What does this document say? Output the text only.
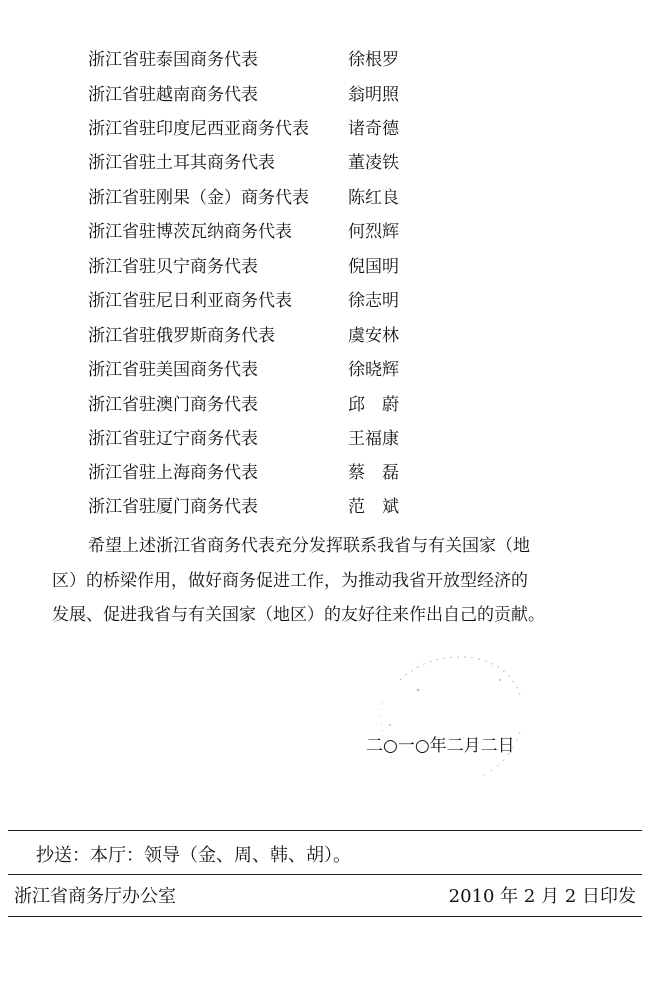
浙江省驻泰国商务代表	徐根罗
浙江省驻越南商务代表	翁明照
浙江省驻印度尼西亚商务代表 诸奇德
浙江省驻土耳其商务代表	董凌铁
浙江省驻刚果（金）商务代表 陈红良
浙江省驻博茨瓦纳商务代表	何烈辉
浙江省驻贝宁商务代表	倪国明
浙江省驻尼日利亚商务代表	徐志明
浙江省驻俄罗斯商务代表	虞安林
浙江省驻美国商务代表	徐晓辉
浙江省驻澳门商务代表	邱　蔚
浙江省驻辽宁商务代表	王福康
浙江省驻上海商务代表	蔡　磊
浙江省驻厦门商务代表	范　斌
希望上述浙江省商务代表充分发挥联系我省与有关国家（地
区）的桥梁作用，做好商务促进工作，为推动我省开放型经济的
发展、促进我省与有关国家（地区）的友好往来作出自己的贡献。
二○一○年二月二日
抄送：本厅：领导（金、周、韩、胡）。
浙江省商务厅办公室	2010 年 2 月 2 日印发
